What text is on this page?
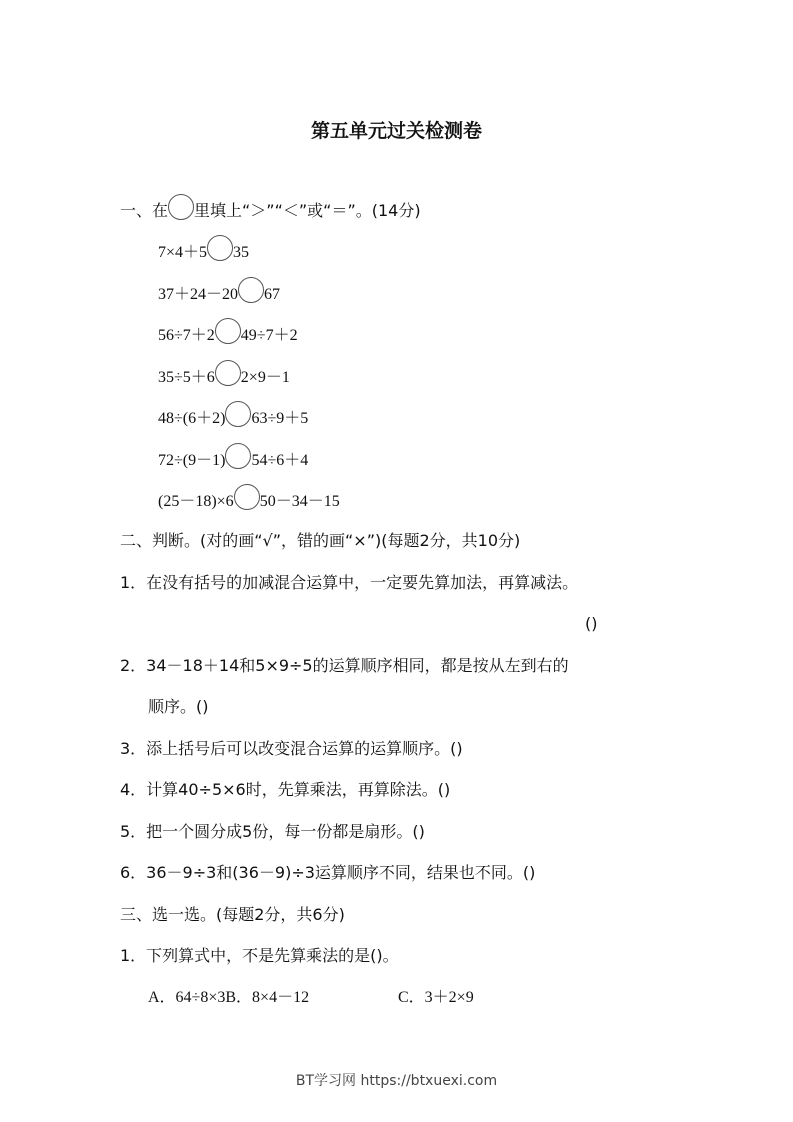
第五单元过关检测卷
一、在 里填上“＞”“＜”或“＝”。(14分)
7×4＋5 35
37＋24－20 67
56÷7＋2 49÷7＋2
35÷5＋6 2×9－1
48÷(6＋2) 63÷9＋5
72÷(9－1) 54÷6＋4
(25－18)×6 50－34－15
二、判断。(对的画“√”，错的画“×”)(每题2分，共10分)
1．在没有括号的加减混合运算中，一定要先算加法，再算减法。
()
2．34－18＋14和5×9÷5的运算顺序相同，都是按从左到右的
顺序。()
3．添上括号后可以改变混合运算的运算顺序。()
4．计算40÷5×6时，先算乘法，再算除法。()
5．把一个圆分成5份，每一份都是扇形。()
6．36－9÷3和(36－9)÷3运算顺序不同，结果也不同。()
三、选一选。(每题2分，共6分)
1．下列算式中，不是先算乘法的是()。
A．64÷8×3B．8×4－12	C．3＋2×9
BT学习网 https://btxuexi.com
